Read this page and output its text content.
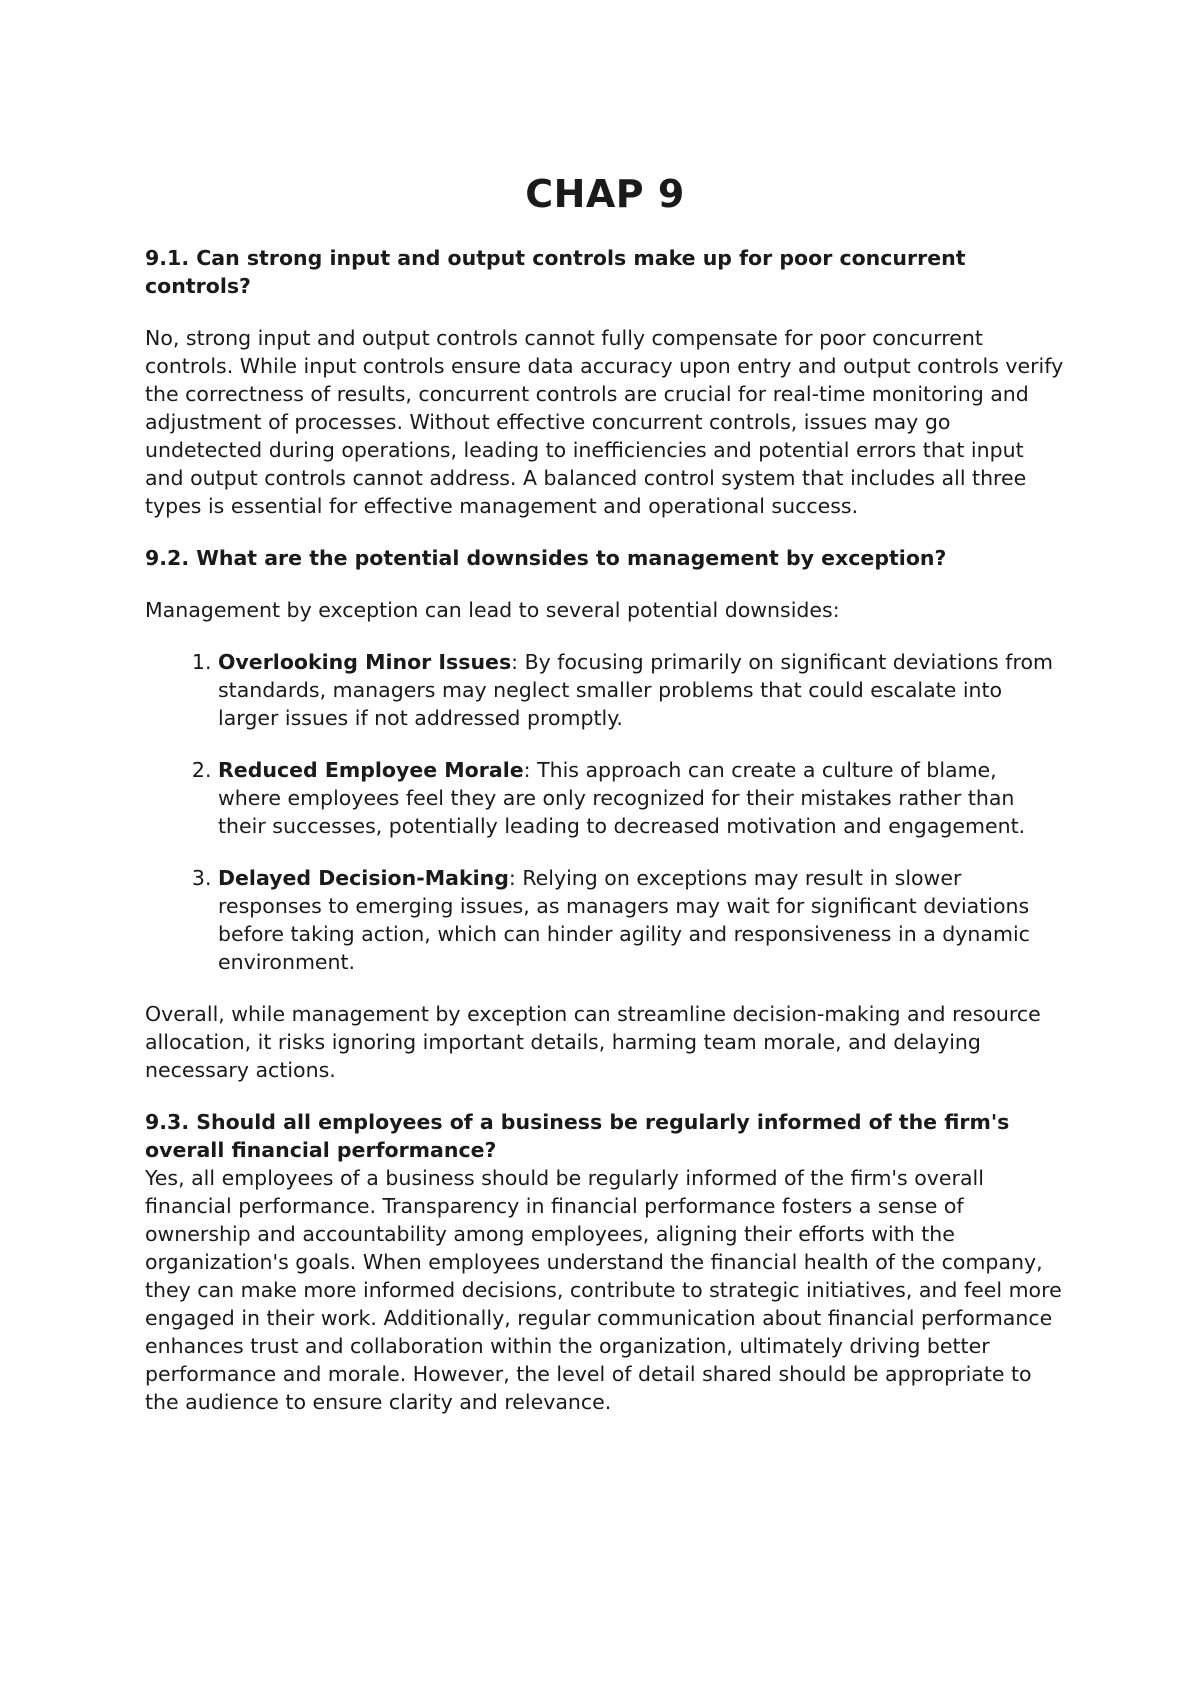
CHAP 9

9.1. Can strong input and output controls make up for poor concurrent controls?

No, strong input and output controls cannot fully compensate for poor concurrent controls. While input controls ensure data accuracy upon entry and output controls verify the correctness of results, concurrent controls are crucial for real-time monitoring and adjustment of processes. Without effective concurrent controls, issues may go undetected during operations, leading to inefficiencies and potential errors that input and output controls cannot address. A balanced control system that includes all three types is essential for effective management and operational success.

9.2. What are the potential downsides to management by exception?

Management by exception can lead to several potential downsides:

1. Overlooking Minor Issues: By focusing primarily on significant deviations from standards, managers may neglect smaller problems that could escalate into larger issues if not addressed promptly.
2. Reduced Employee Morale: This approach can create a culture of blame, where employees feel they are only recognized for their mistakes rather than their successes, potentially leading to decreased motivation and engagement.
3. Delayed Decision-Making: Relying on exceptions may result in slower responses to emerging issues, as managers may wait for significant deviations before taking action, which can hinder agility and responsiveness in a dynamic environment.

Overall, while management by exception can streamline decision-making and resource allocation, it risks ignoring important details, harming team morale, and delaying necessary actions.

9.3. Should all employees of a business be regularly informed of the firm's overall financial performance?

Yes, all employees of a business should be regularly informed of the firm's overall financial performance. Transparency in financial performance fosters a sense of ownership and accountability among employees, aligning their efforts with the organization's goals. When employees understand the financial health of the company, they can make more informed decisions, contribute to strategic initiatives, and feel more engaged in their work. Additionally, regular communication about financial performance enhances trust and collaboration within the organization, ultimately driving better performance and morale. However, the level of detail shared should be appropriate to the audience to ensure clarity and relevance.
